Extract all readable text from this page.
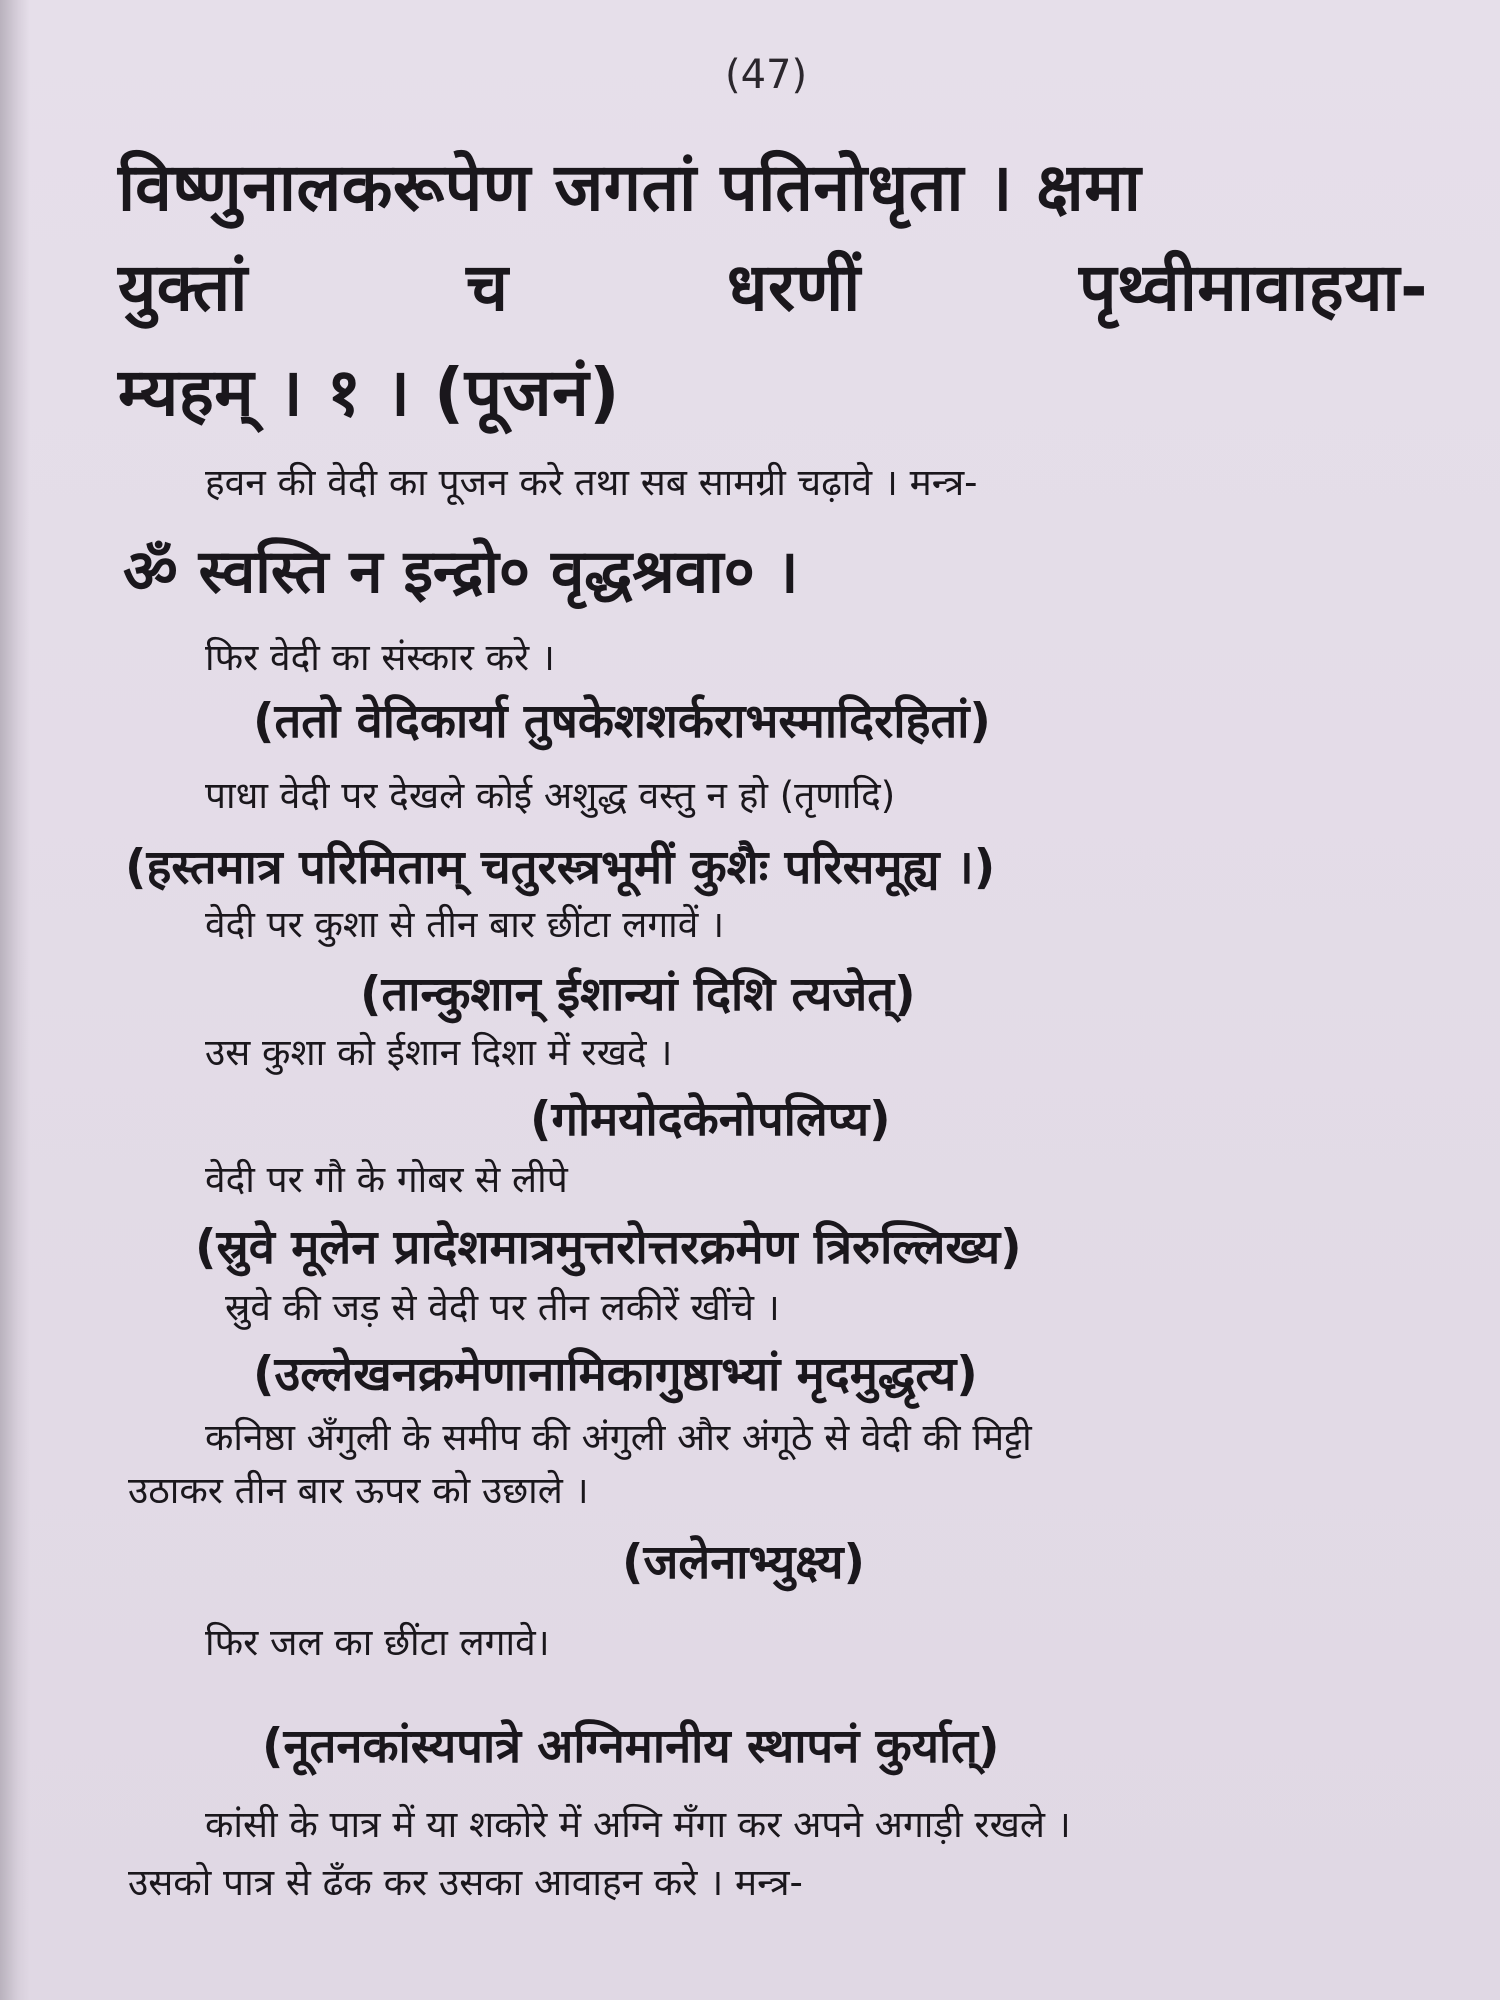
(47)
विष्णुनालकरूपेण जगतां पतिनोधृता । क्षमा
युक्तां	च	धरणीं	पृथ्वीमावाहया-
म्यहम् । १ । (पूजनं)
हवन की वेदी का पूजन करे तथा सब सामग्री चढ़ावे । मन्त्र-
ॐ स्वस्ति न इन्द्रो० वृद्धश्रवा० ।
फिर वेदी का संस्कार करे ।
(ततो वेदिकार्या तुषकेशशर्कराभस्मादिरहितां)
पाधा वेदी पर देखले कोई अशुद्ध वस्तु न हो (तृणादि)
(हस्तमात्र परिमिताम् चतुरस्त्रभूमीं कुशैः परिसमूह्य ।)
वेदी पर कुशा से तीन बार छींटा लगावें ।
(तान्कुशान् ईशान्यां दिशि त्यजेत्)
उस कुशा को ईशान दिशा में रखदे ।
(गोमयोदकेनोपलिप्य)
वेदी पर गौ के गोबर से लीपे
(स्रुवे मूलेन प्रादेशमात्रमुत्तरोत्तरक्रमेण त्रिरुल्लिख्य)
स्रुवे की जड़ से वेदी पर तीन लकीरें खींचे ।
(उल्लेखनक्रमेणानामिकागुष्ठाभ्यां मृदमुद्धृत्य)
कनिष्ठा अँगुली के समीप की अंगुली और अंगूठे से वेदी की मिट्टी
उठाकर तीन बार ऊपर को उछाले ।
(जलेनाभ्युक्ष्य)
फिर जल का छींटा लगावे।
(नूतनकांस्यपात्रे अग्निमानीय स्थापनं कुर्यात्)
कांसी के पात्र में या शकोरे में अग्नि मँगा कर अपने अगाड़ी रखले ।
उसको पात्र से ढँक कर उसका आवाहन करे । मन्त्र-
